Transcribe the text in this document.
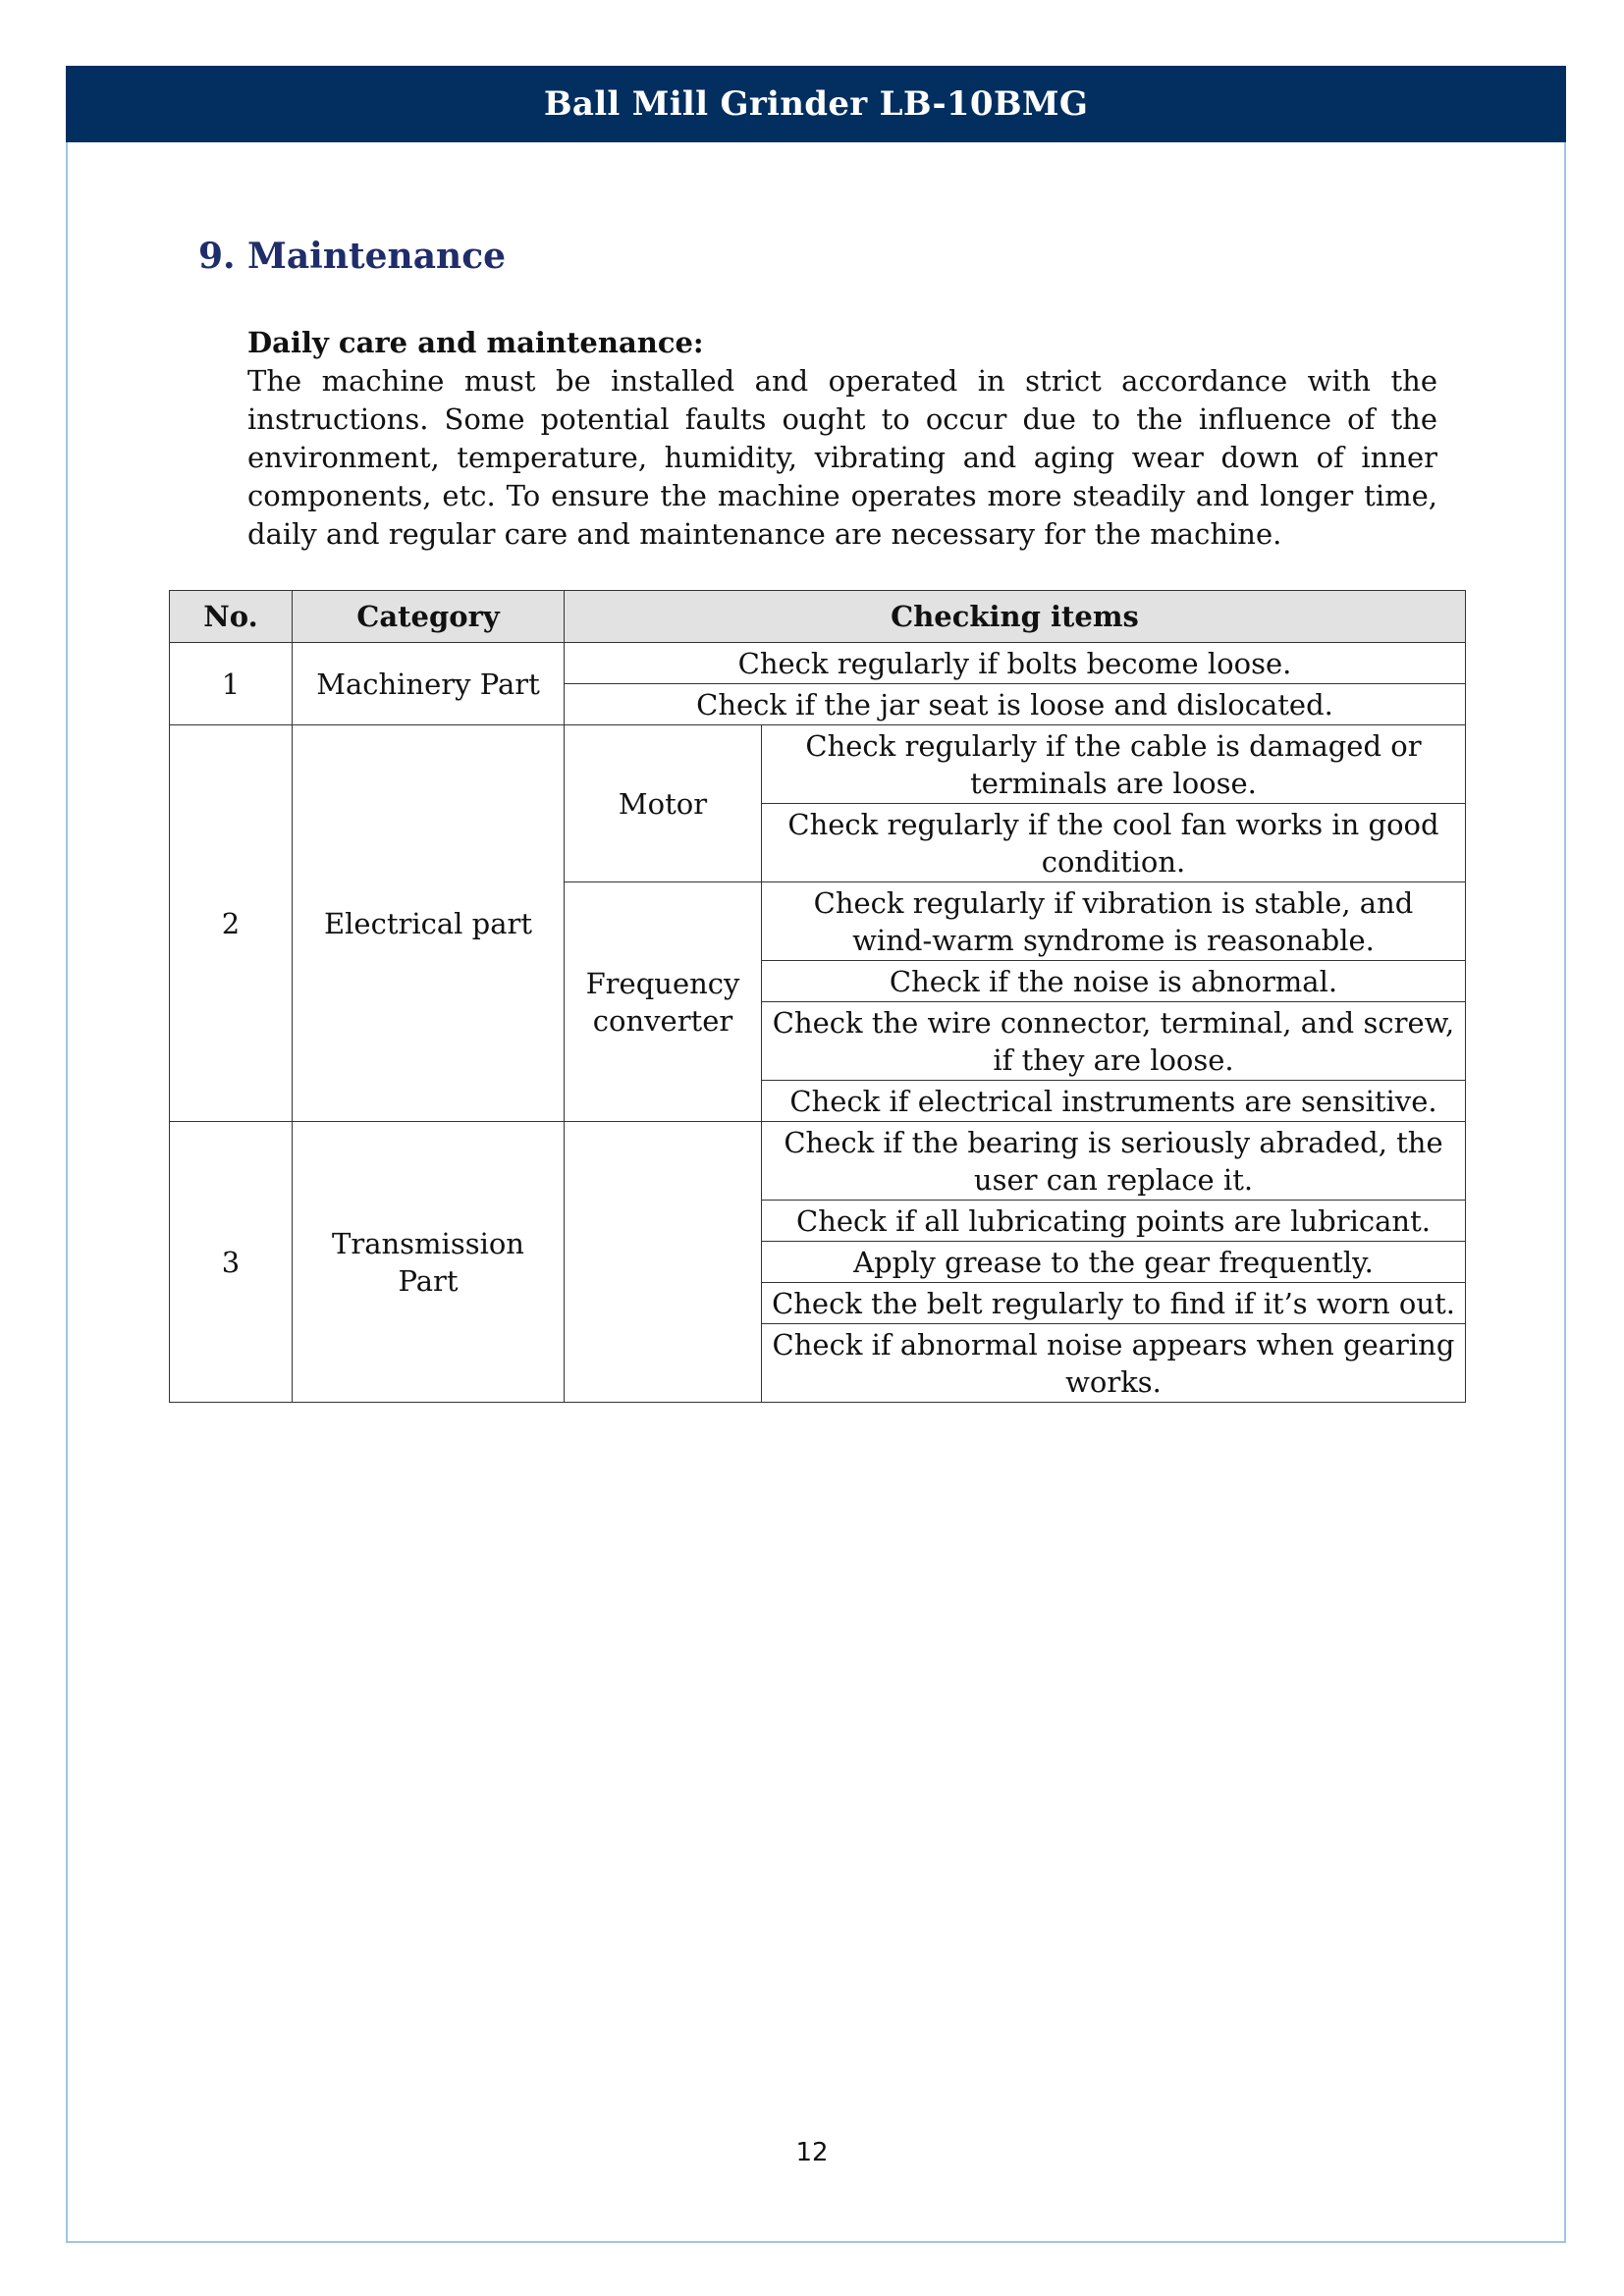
Ball Mill Grinder LB-10BMG
9. Maintenance
Daily care and maintenance:

The machine must be installed and operated in strict accordance with the instructions. Some potential faults ought to occur due to the influence of the environment, temperature, humidity, vibrating and aging wear down of inner components, etc. To ensure the machine operates more steadily and longer time, daily and regular care and maintenance are necessary for the machine.

No.	Category	Checking items	
1	Machinery Part	Check regularly if bolts become loose.	
		Check if the jar seat is loose and dislocated.	
2	Electrical part	Motor	Check regularly if the cable is damaged or terminals are loose.
			Check regularly if the cool fan works in good condition.
		Frequency converter	Check regularly if vibration is stable, and wind-warm syndrome is reasonable.
			Check if the noise is abnormal.
			Check the wire connector, terminal, and screw, if they are loose.
			Check if electrical instruments are sensitive.
3	Transmission Part		Check if the bearing is seriously abraded, the user can replace it.
			Check if all lubricating points are lubricant.
			Apply grease to the gear frequently.
			Check the belt regularly to find if it’s worn out.
			Check if abnormal noise appears when gearing works.
12
